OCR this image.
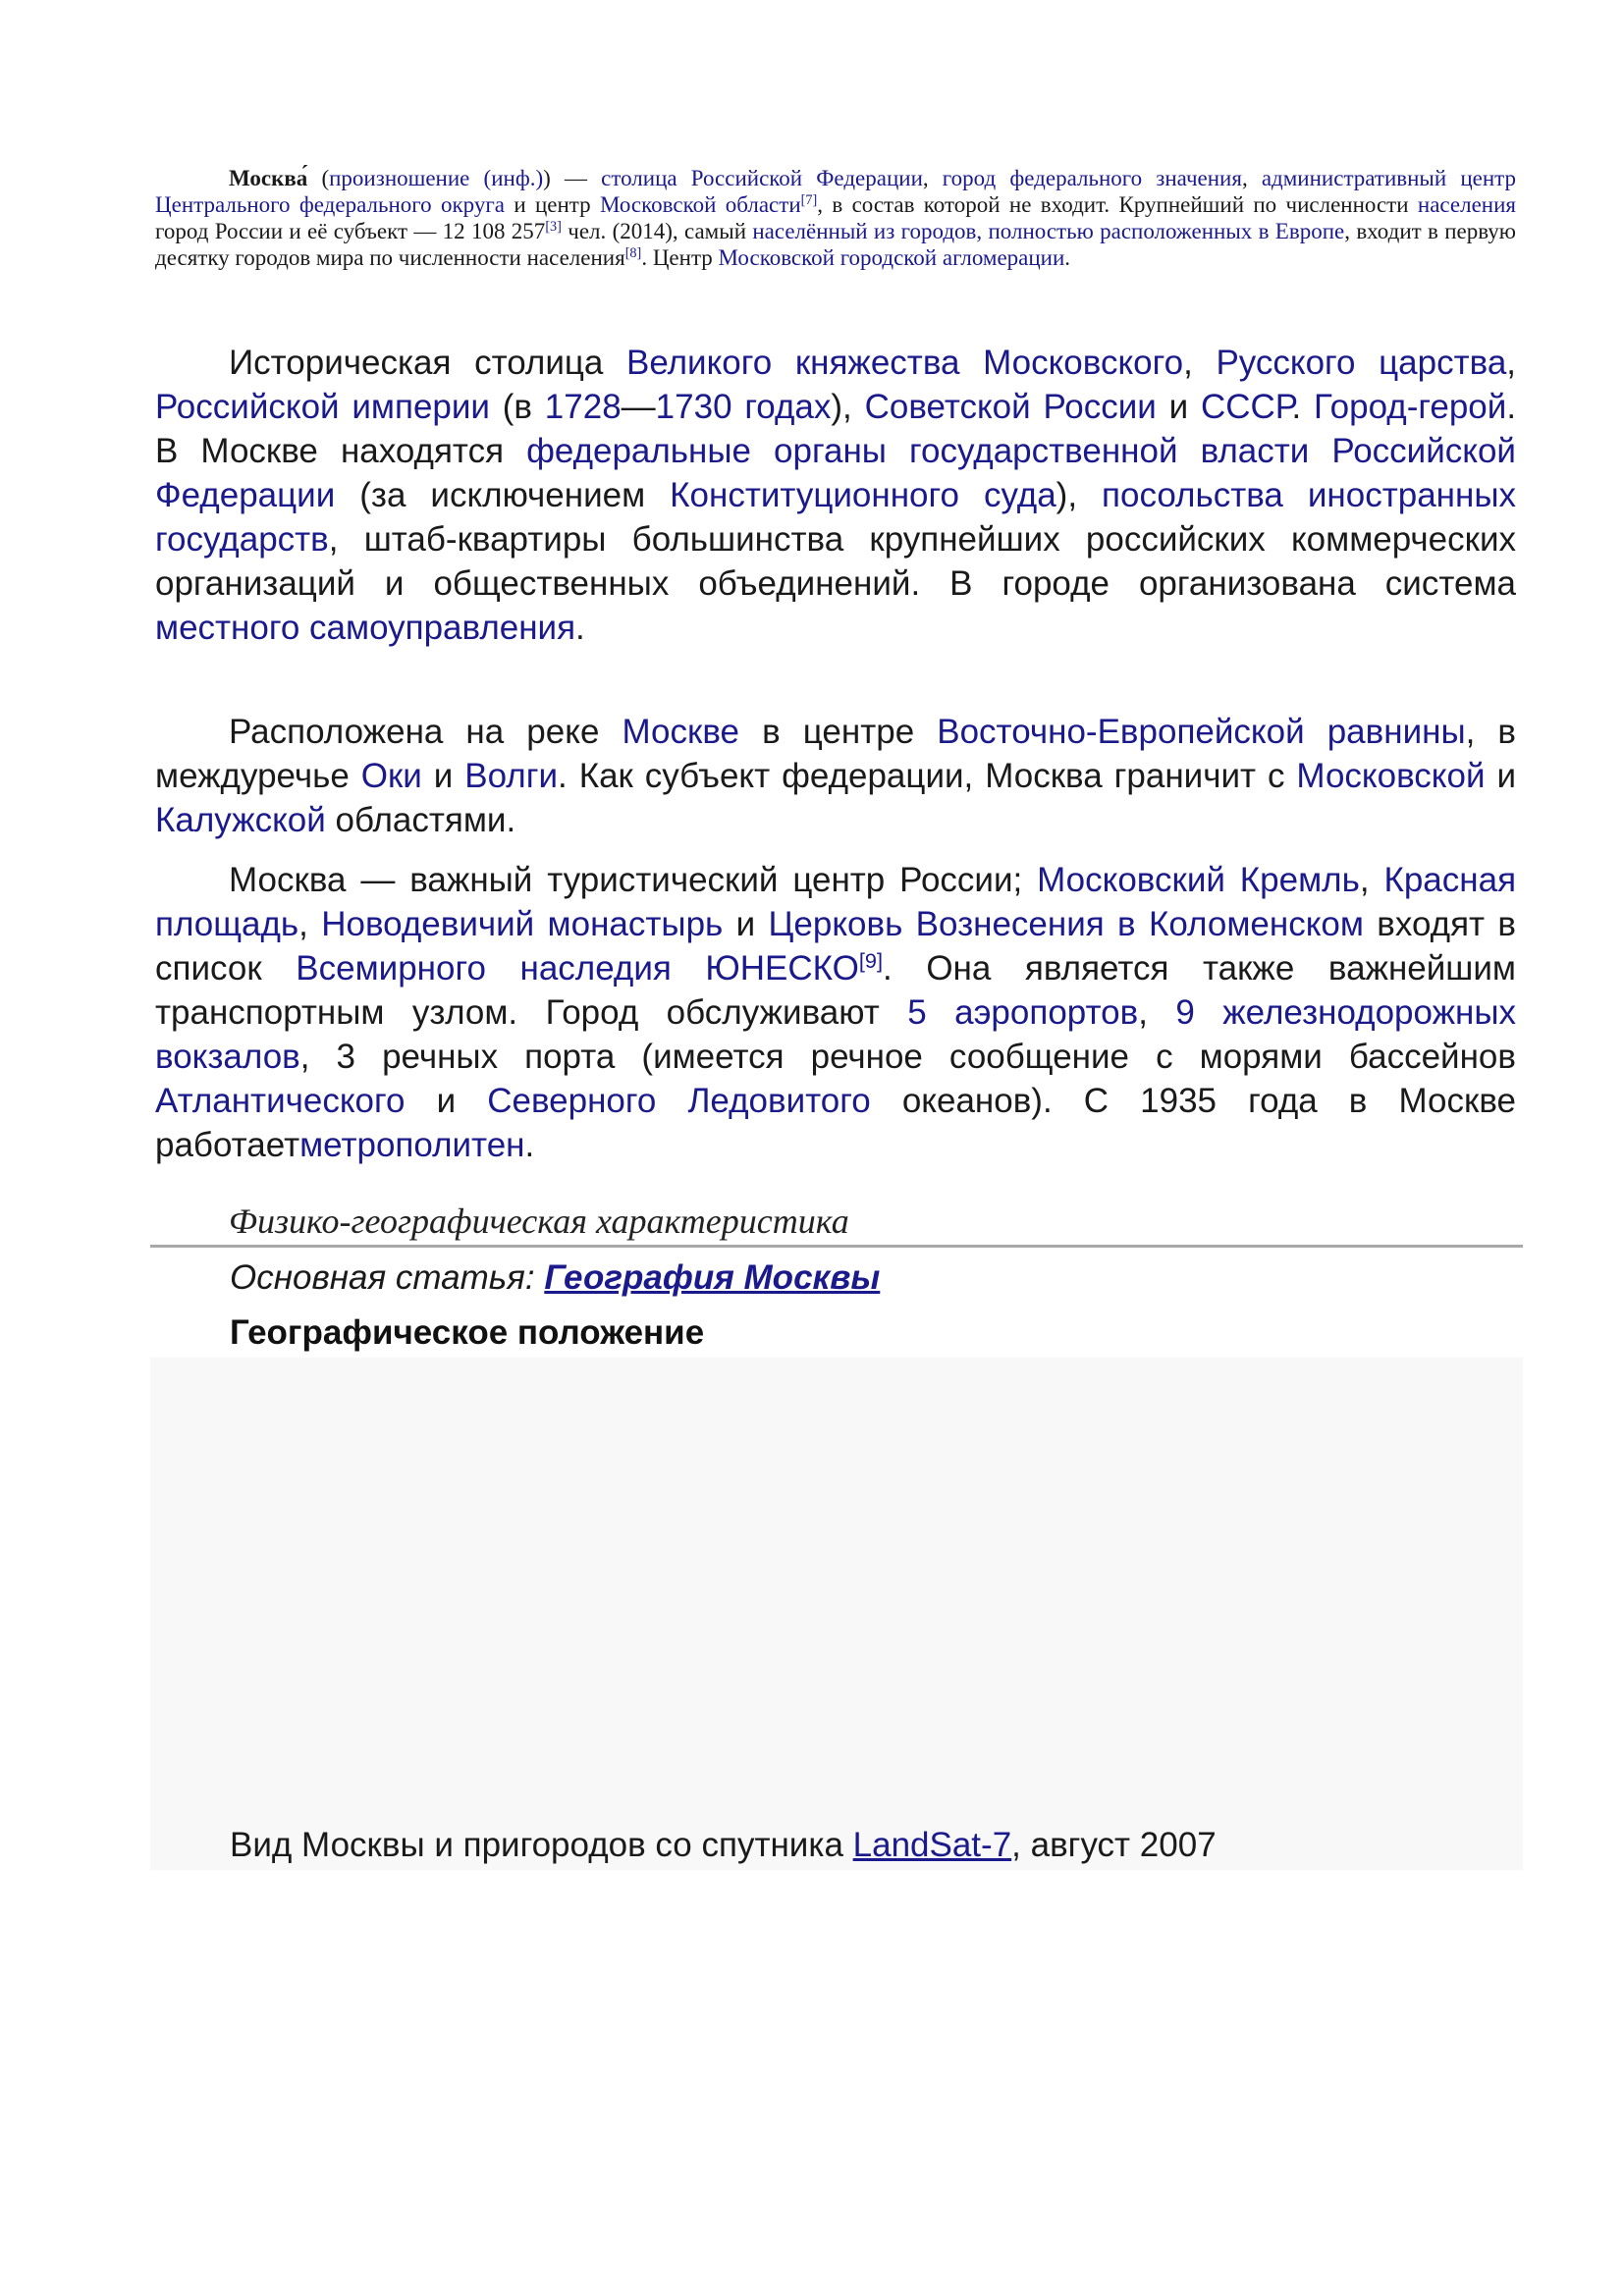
Москва́ (произношение (инф.)) — столица Российской Федерации, город федерального значения, административный центр Центрального федерального округа и центр Московской области[7], в состав которой не входит. Крупнейший по численности населения город России и её субъект — 12 108 257[3] чел. (2014), самый населённый из городов, полностью расположенных в Европе, входит в первую десятку городов мира по численности населения[8]. Центр Московской городской агломерации.

Историческая столица Великого княжества Московского, Русского царства, Российской империи (в 1728—1730 годах), Советской России и СССР. Город-герой. В Москве находятся федеральные органы государственной власти Российской Федерации (за исключением Конституционного суда), посольства иностранных государств, штаб-квартиры большинства крупнейших российских коммерческих организаций и общественных объединений. В городе организована система местного самоуправления.

Расположена на реке Москве в центре Восточно-Европейской равнины, в междуречье Оки и Волги. Как субъект федерации, Москва граничит с Московской и Калужской областями.

Москва — важный туристический центр России; Московский Кремль, Красная площадь, Новодевичий монастырь и Церковь Вознесения в Коломенском входят в список Всемирного наследия ЮНЕСКО[9]. Она является также важнейшим транспортным узлом. Город обслуживают 5 аэропортов, 9 железнодорожных вокзалов, 3 речных порта (имеется речное сообщение с морями бассейнов Атлантического и Северного Ледовитого океанов). С 1935 года в Москве работаетметрополитен.

Физико-географическая характеристика
Основная статья: География Москвы
Географическое положение
Вид Москвы и пригородов со спутника LandSat-7, август 2007
